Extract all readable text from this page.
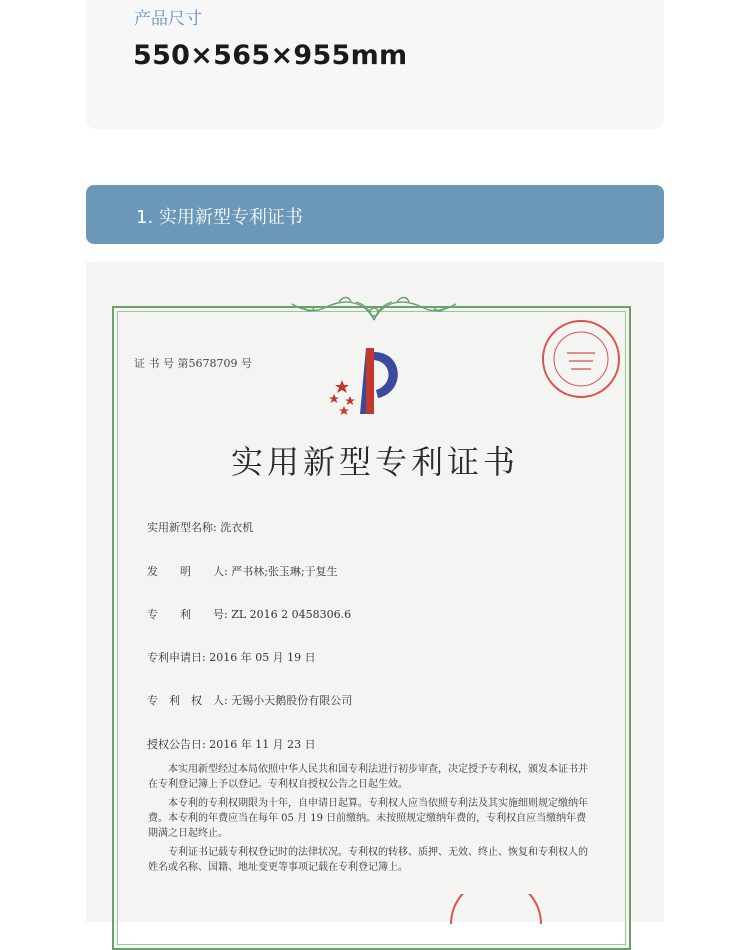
产品尺寸
550×565×955mm
1. 实用新型专利证书
证 书 号 第5678709 号
实用新型专利证书
实用新型名称: 洗衣机
发　　明　　人: 严书林;张玉琳;于复生
专　　利　　号: ZL 2016 2 0458306.6
专利申请日: 2016 年 05 月 19 日
专　利　权　人: 无锡小天鹅股份有限公司
授权公告日: 2016 年 11 月 23 日

本实用新型经过本局依照中华人民共和国专利法进行初步审查，决定授予专利权，颁发本证书并在专利登记簿上予以登记。专利权自授权公告之日起生效。

本专利的专利权期限为十年，自申请日起算。专利权人应当依照专利法及其实施细则规定缴纳年费。本专利的年费应当在每年 05 月 19 日前缴纳。未按照规定缴纳年费的，专利权自应当缴纳年费期满之日起终止。

专利证书记载专利权登记时的法律状况。专利权的转移、质押、无效、终止、恢复和专利权人的姓名或名称、国籍、地址变更等事项记载在专利登记簿上。
